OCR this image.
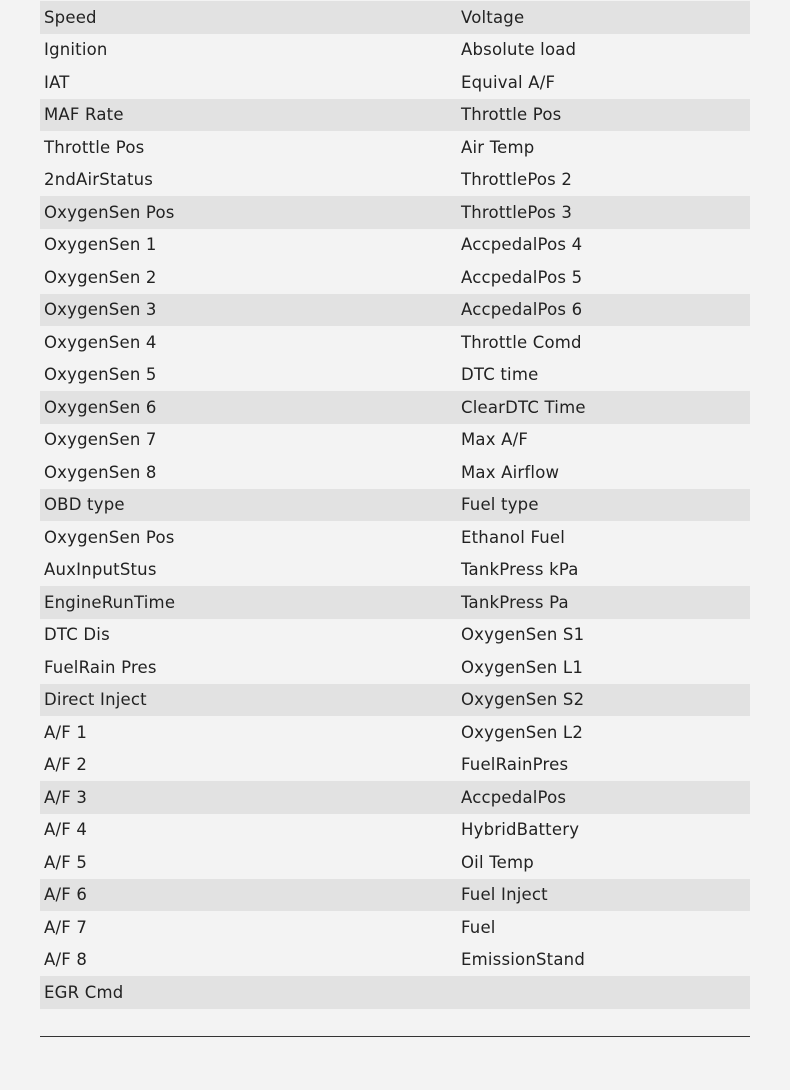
Speed	Voltage
Ignition	Absolute load
IAT	Equival A/F
MAF Rate	Throttle Pos
Throttle Pos	Air Temp
2ndAirStatus	ThrottlePos 2
OxygenSen Pos	ThrottlePos 3
OxygenSen 1	AccpedalPos 4
OxygenSen 2	AccpedalPos 5
OxygenSen 3	AccpedalPos 6
OxygenSen 4	Throttle Comd
OxygenSen 5	DTC time
OxygenSen 6	ClearDTC Time
OxygenSen 7	Max A/F
OxygenSen 8	Max Airflow
OBD type	Fuel type
OxygenSen Pos	Ethanol Fuel
AuxInputStus	TankPress kPa
EngineRunTime	TankPress Pa
DTC Dis	OxygenSen S1
FuelRain Pres	OxygenSen L1
Direct Inject	OxygenSen S2
A/F 1	OxygenSen L2
A/F 2	FuelRainPres
A/F 3	AccpedalPos
A/F 4	HybridBattery
A/F 5	Oil Temp
A/F 6	Fuel Inject
A/F 7	Fuel
A/F 8	EmissionStand
EGR Cmd
